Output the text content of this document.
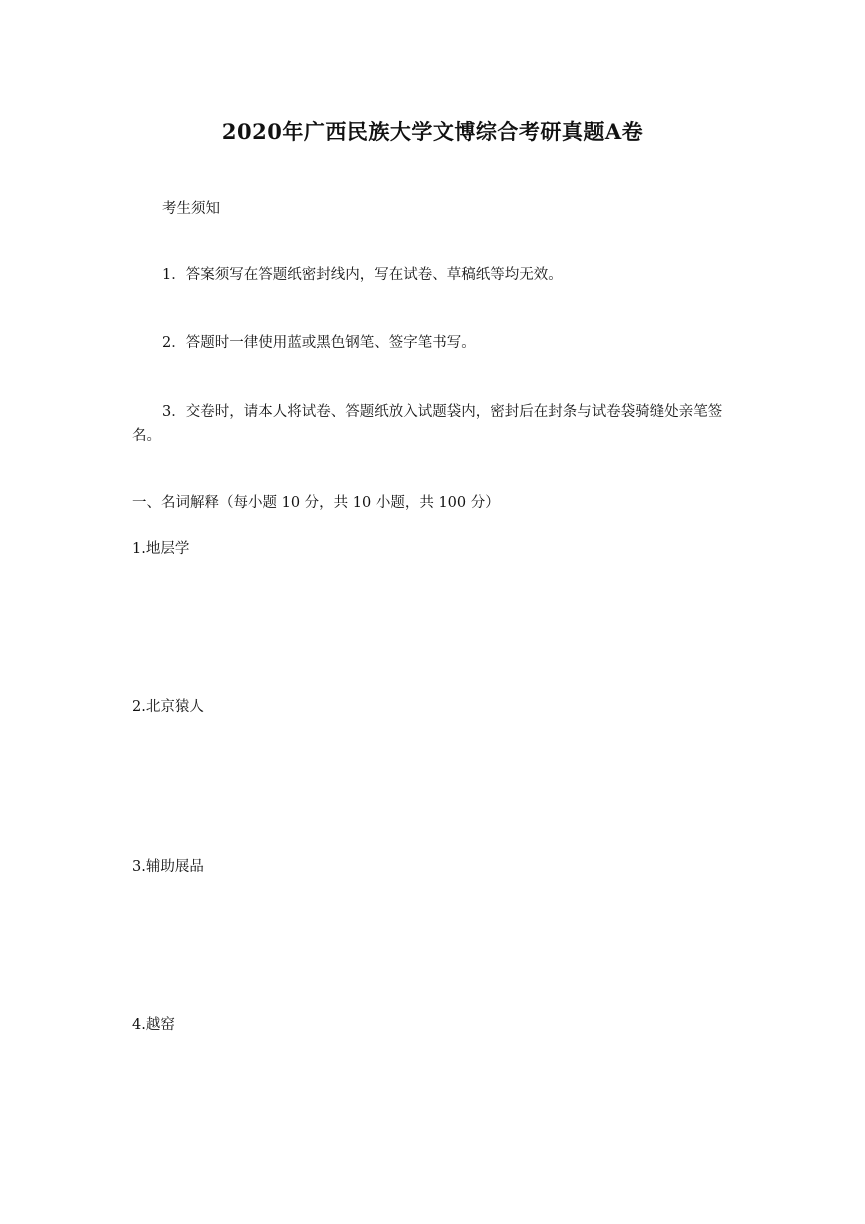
2020年广西民族大学文博综合考研真题A卷
考生须知
1．答案须写在答题纸密封线内，写在试卷、草稿纸等均无效。
2．答题时一律使用蓝或黑色钢笔、签字笔书写。
3．交卷时，请本人将试卷、答题纸放入试题袋内，密封后在封条与试卷袋骑缝处亲笔签名。
一、名词解释（每小题 10 分，共 10 小题，共 100 分）
1.地层学
2.北京猿人
3.辅助展品
4.越窑
